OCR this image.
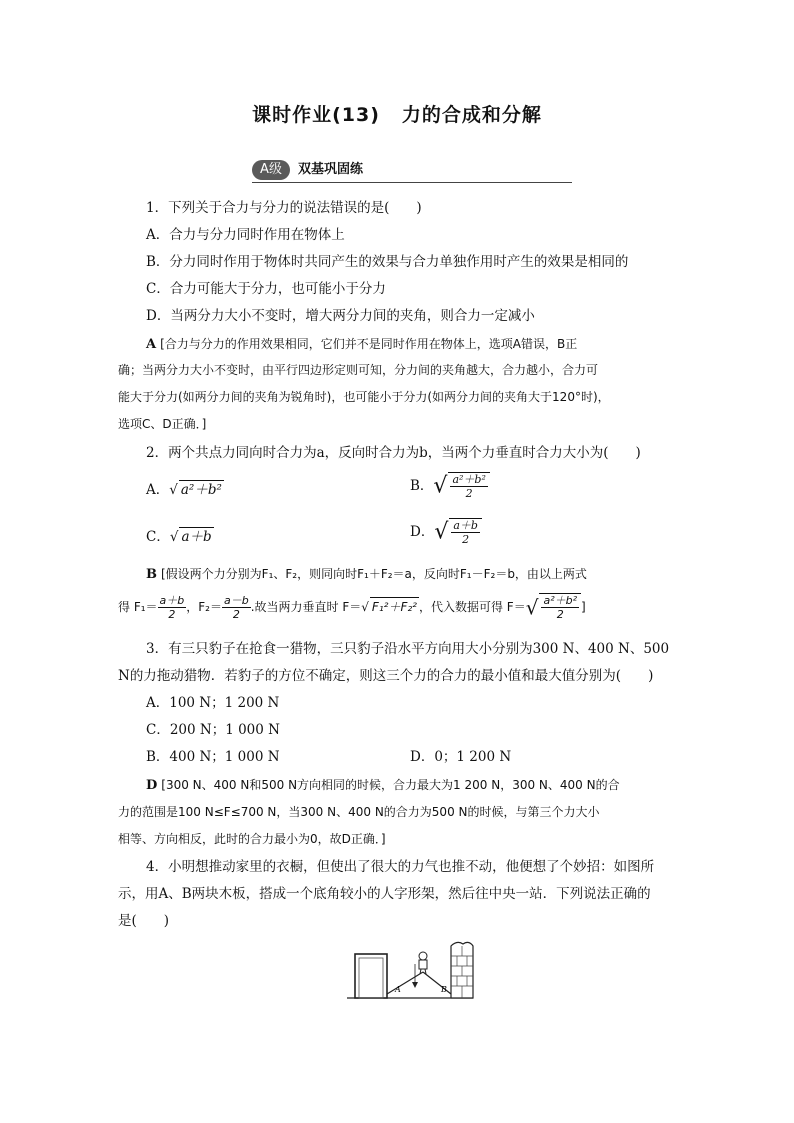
课时作业(13) 力的合成和分解
A级	双基巩固练
1．下列关于合力与分力的说法错误的是(　　)
A．合力与分力同时作用在物体上
B．分力同时作用于物体时共同产生的效果与合力单独作用时产生的效果是相同的
C．合力可能大于分力，也可能小于分力
D．当两分力大小不变时，增大两分力间的夹角，则合力一定减小
A [合力与分力的作用效果相同，它们并不是同时作用在物体上，选项A错误，B正
确；当两分力大小不变时，由平行四边形定则可知，分力间的夹角越大，合力越小，合力可
能大于分力(如两分力间的夹角为锐角时)，也可能小于分力(如两分力间的夹角大于120°时)，
选项C、D正确．]
2．两个共点力同向时合力为a，反向时合力为b，当两个力垂直时合力大小为(　　)
A．√ a²＋b²	B．√ $\frac{\text{a²＋b²}}{2}$
C．√ a＋b	D．√ $\frac{a+b}{2}$
B [假设两个力分别为F₁、F₂，则同向时F₁＋F₂＝a，反向时F₁－F₂＝b，由以上两式
得 $F_1= \frac{a+b}{2}$ ，$F_2= \frac{a-b}{2}$ .故当两力垂直时 F＝√ F₁²＋F₂² ，代入数据可得 $F=√ \frac{\text{a²＋b²}}{2}$ ]
3．有三只豹子在抢食一猎物，三只豹子沿水平方向用大小分别为300 N、400 N、500
N的力拖动猎物．若豹子的方位不确定，则这三个力的合力的最小值和最大值分别为(　　)
A．100 N；1 200 N
C．200 N；1 000 N
B．400 N；1 000 N	D．0；1 200 N
D [300 N、400 N和500 N方向相同的时候，合力最大为1 200 N，300 N、400 N的合
力的范围是100 N≤F≤700 N，当300 N、400 N的合力为500 N的时候，与第三个力大小
相等、方向相反，此时的合力最小为0，故D正确．]
4．小明想推动家里的衣橱，但使出了很大的力气也推不动，他便想了个妙招：如图所
示，用A、B两块木板，搭成一个底角较小的人字形架，然后往中央一站．下列说法正确的
是(　　)
A	B
